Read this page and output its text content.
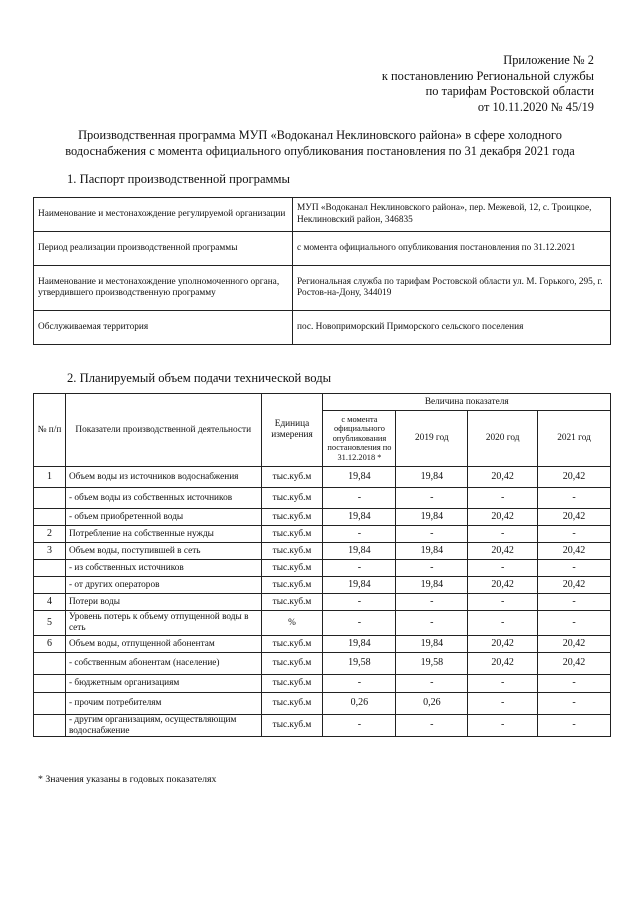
Приложение № 2
к постановлению Региональной службы
по тарифам Ростовской области
от 10.11.2020 № 45/19
Производственная программа МУП «Водоканал Неклиновского района» в сфере холодного
водоснабжения с момента официального опубликования постановления по 31 декабря 2021 года
1. Паспорт производственной программы
Наименование и местонахождение регулируемой организации	МУП «Водоканал Неклиновского района», пер. Межевой, 12, с. Троицкое, Неклиновский район, 346835
Период реализации производственной программы	с момента официального опубликования постановления по 31.12.2021
Наименование и местонахождение уполномоченного органа, утвердившего производственную программу	Региональная служба по тарифам Ростовской области ул. М. Горького, 295, г. Ростов-на-Дону, 344019
Обслуживаемая территория	пос. Новоприморский Приморского сельского поселения
2. Планируемый объем подачи технической воды
№ п/п	Показатели производственной деятельности	Единица измерения	Величина показателя			
			с момента официального опубликования постановления по 31.12.2018 *	2019 год	2020 год	2021 год
1	Объем воды из источников водоснабжения	тыс.куб.м	19,84	19,84	20,42	20,42
	- объем воды из собственных источников	тыс.куб.м	-	-	-	-
	- объем приобретенной воды	тыс.куб.м	19,84	19,84	20,42	20,42
2	Потребление на собственные нужды	тыс.куб.м	-	-	-	-
3	Объем воды, поступившей в сеть	тыс.куб.м	19,84	19,84	20,42	20,42
	- из собственных источников	тыс.куб.м	-	-	-	-
	- от других операторов	тыс.куб.м	19,84	19,84	20,42	20,42
4	Потери воды	тыс.куб.м	-	-	-	-
5	Уровень потерь к объему отпущенной воды в сеть	%	-	-	-	-
6	Объем воды, отпущенной абонентам	тыс.куб.м	19,84	19,84	20,42	20,42
	- собственным абонентам (население)	тыс.куб.м	19,58	19,58	20,42	20,42
	- бюджетным организациям	тыс.куб.м	-	-	-	-
	- прочим потребителям	тыс.куб.м	0,26	0,26	-	-
	- другим организациям, осуществляющим водоснабжение	тыс.куб.м	-	-	-	-
* Значения указаны в годовых показателях
